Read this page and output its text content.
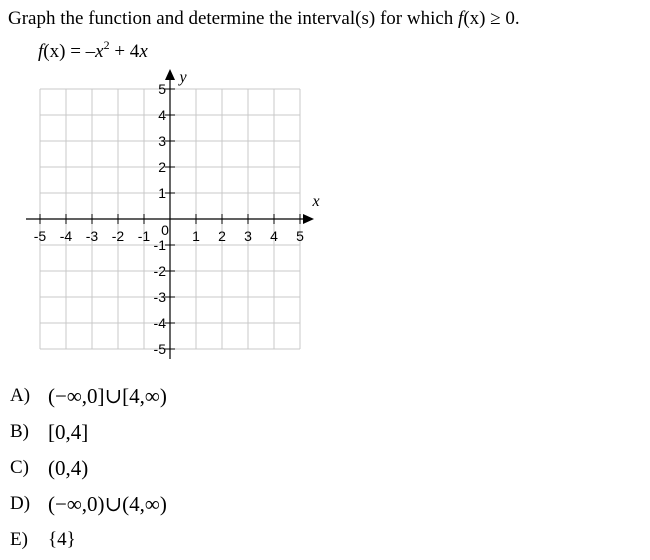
Graph the function and determine the interval(s) for which f(x) ≥ 0.
$f(x) = -x^2 + 4x$
x
y
-5 -4 -3 -2 -1	1 2 3 4 5
5
4
3
2
1
-1
-2
-3
-4
-5
0
A) (−∞,0]∪[4,∞)
B) [0,4]
C) (0,4)
D) (−∞,0)∪(4,∞)
E) {4}
